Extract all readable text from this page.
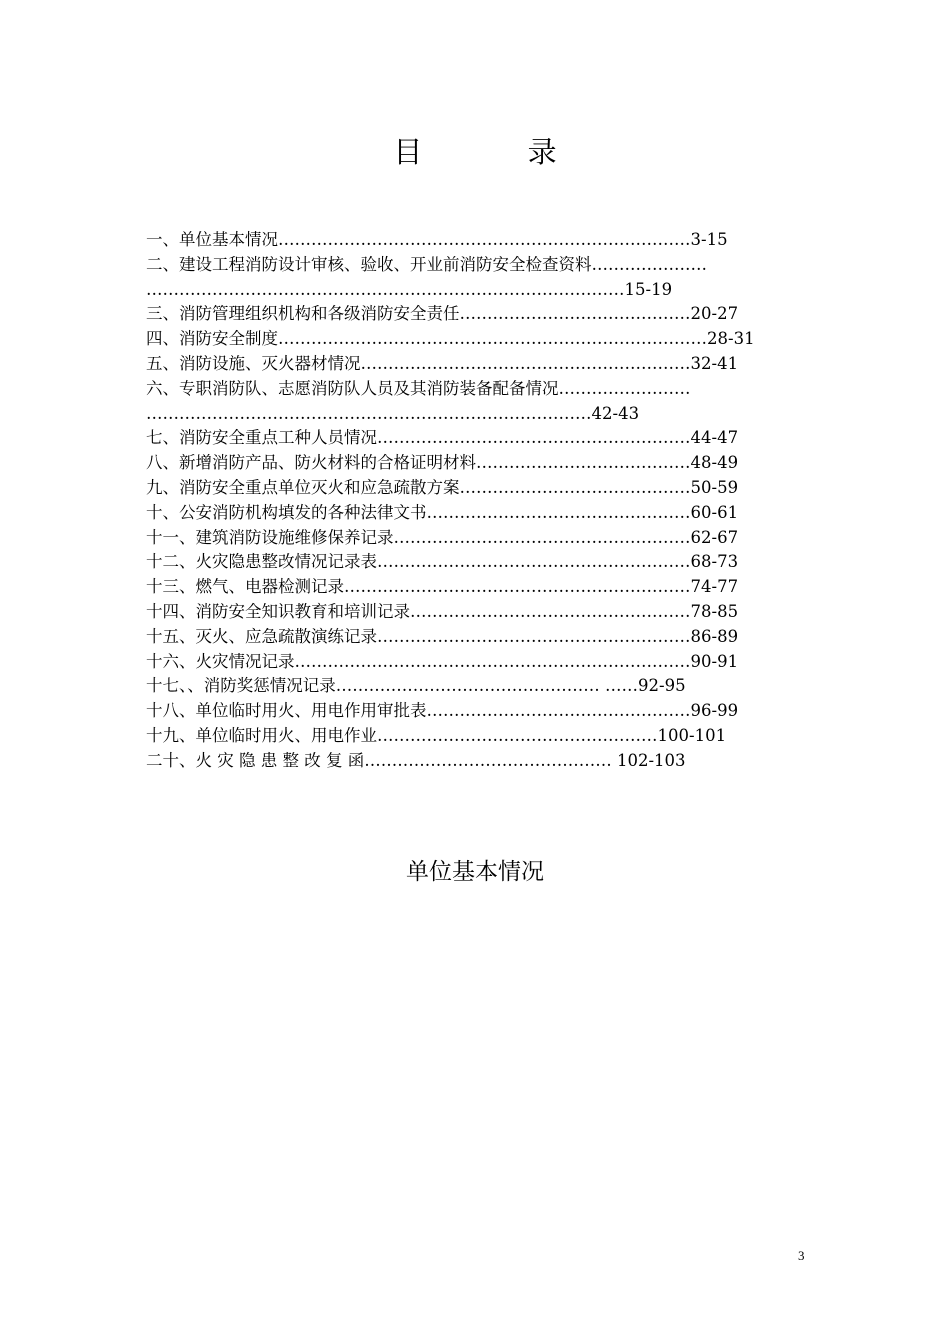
目 录
一、单位基本情况…………………………………………………………………3-15
二、建设工程消防设计审核、验收、开业前消防安全检查资料…………………
……………………………………………………………………………15-19
三、消防管理组织机构和各级消防安全责任……………………………………20-27
四、消防安全制度……………………………………………………………………28-31
五、消防设施、灭火器材情况……………………………………………………32-41
六、专职消防队、志愿消防队人员及其消防装备配备情况……………………
………………………………………………………………………42-43
七、消防安全重点工种人员情况…………………………………………………44-47
八、新增消防产品、防火材料的合格证明材料…………………………………48-49
九、消防安全重点单位灭火和应急疏散方案……………………………………50-59
十、公安消防机构填发的各种法律文书…………………………………………60-61
十一、建筑消防设施维修保养记录………………………………………………62-67
十二、火灾隐患整改情况记录表…………………………………………………68-73
十三、燃气、电器检测记录………………………………………………………74-77
十四、消防安全知识教育和培训记录……………………………………………78-85
十五、灭火、应急疏散演练记录…………………………………………………86-89
十六、火灾情况记录………………………………………………………………90-91
十七、、消防奖惩情况记录………………………………………… ……92-95
十八、单位临时用火、用电作用审批表…………………………………………96-99
十九、单位临时用火、用电作业……………………………………………100-101
二十、火 灾 隐 患 整 改 复 函……………………………………… 102-103
单位基本情况
3
